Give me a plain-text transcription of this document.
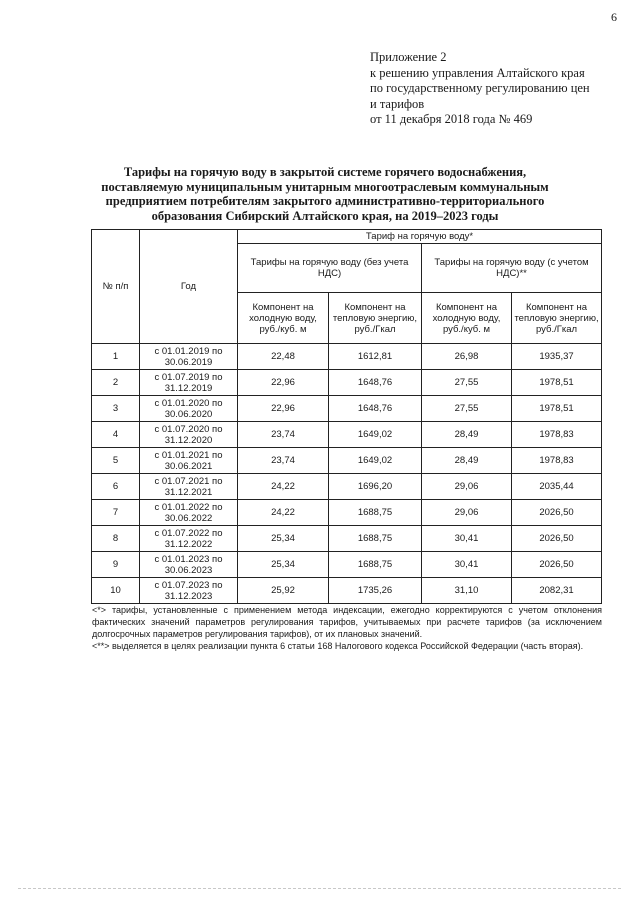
6
Приложение 2
к решению управления Алтайского края
по государственному регулированию цен
и тарифов
от 11 декабря 2018 года № 469
Тарифы на горячую воду в закрытой системе горячего водоснабжения,
поставляемую муниципальным унитарным многоотраслевым коммунальным
предприятием потребителям закрытого административно-территориального
образования Сибирский Алтайского края, на 2019–2023 годы
№ п/п	Год	Тариф на горячую воду*			
		Тарифы на горячую воду (без учета НДС)		Тарифы на горячую воду (с учетом НДС)**	
		Компонент на холодную воду, руб./куб. м	Компонент на тепловую энергию, руб./Гкал	Компонент на холодную воду, руб./куб. м	Компонент на тепловую энергию, руб./Гкал
1	с 01.01.2019 по 30.06.2019	22,48	1612,81	26,98	1935,37
2	с 01.07.2019 по 31.12.2019	22,96	1648,76	27,55	1978,51
3	с 01.01.2020 по 30.06.2020	22,96	1648,76	27,55	1978,51
4	с 01.07.2020 по 31.12.2020	23,74	1649,02	28,49	1978,83
5	с 01.01.2021 по 30.06.2021	23,74	1649,02	28,49	1978,83
6	с 01.07.2021 по 31.12.2021	24,22	1696,20	29,06	2035,44
7	с 01.01.2022 по 30.06.2022	24,22	1688,75	29,06	2026,50
8	с 01.07.2022 по 31.12.2022	25,34	1688,75	30,41	2026,50
9	с 01.01.2023 по 30.06.2023	25,34	1688,75	30,41	2026,50
10	с 01.07.2023 по 31.12.2023	25,92	1735,26	31,10	2082,31

<*> тарифы, установленные с применением метода индексации, ежегодно корректируются с учетом отклонения фактических значений параметров регулирования тарифов, учитываемых при расчете тарифов (за исключением долгосрочных параметров регулирования тарифов), от их плановых значений.

<**> выделяется в целях реализации пункта 6 статьи 168 Налогового кодекса Российской Федерации (часть вторая).
